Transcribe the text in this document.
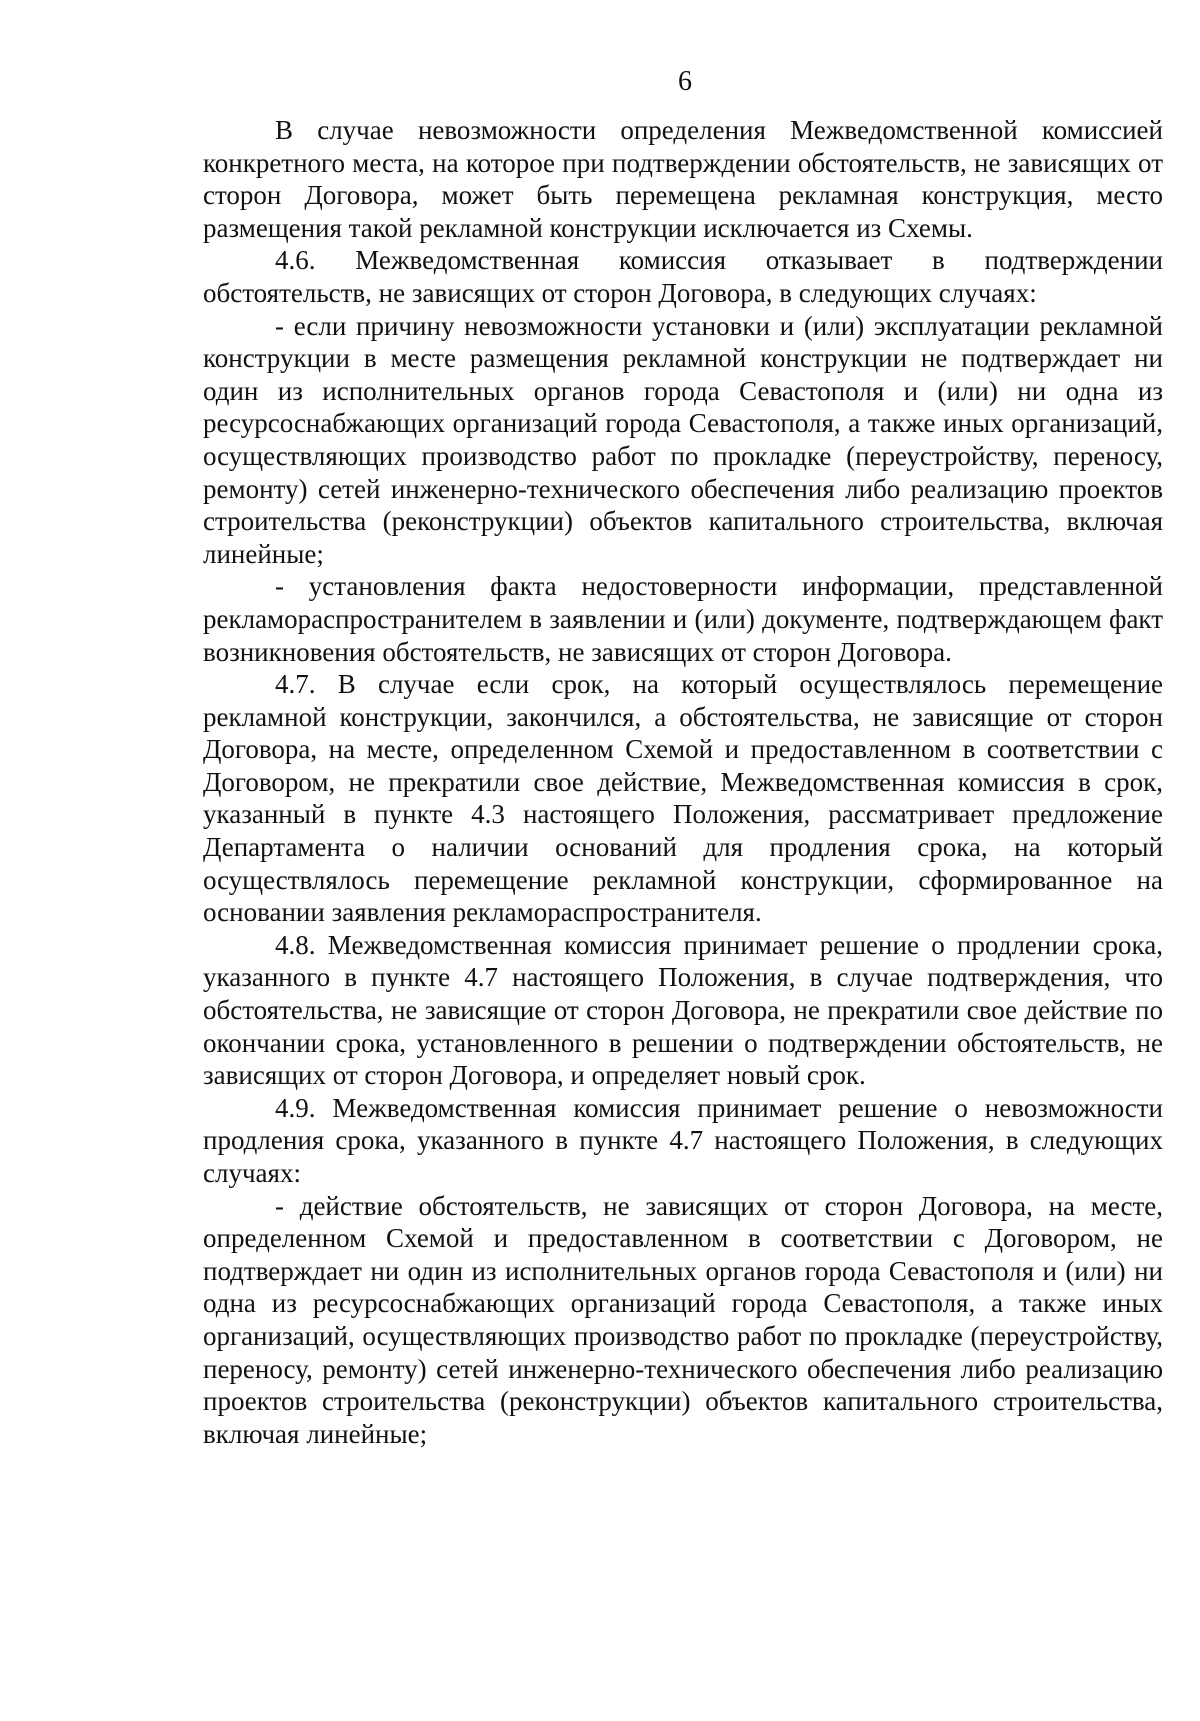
6

В случае невозможности определения Межведомственной комиссией конкретного места, на которое при подтверждении обстоятельств, не зависящих от сторон Договора, может быть перемещена рекламная конструкция, место размещения такой рекламной конструкции исключается из Схемы.

4.6. Межведомственная комиссия отказывает в подтверждении обстоятельств, не зависящих от сторон Договора, в следующих случаях:

- если причину невозможности установки и (или) эксплуатации рекламной конструкции в месте размещения рекламной конструкции не подтверждает ни один из исполнительных органов города Севастополя и (или) ни одна из ресурсоснабжающих организаций города Севастополя, а также иных организаций, осуществляющих производство работ по прокладке (переустройству, переносу, ремонту) сетей инженерно-технического обеспечения либо реализацию проектов строительства (реконструкции) объектов капитального строительства, включая линейные;

- установления факта недостоверности информации, представленной рекламораспространителем в заявлении и (или) документе, подтверждающем факт возникновения обстоятельств, не зависящих от сторон Договора.

4.7. В случае если срок, на который осуществлялось перемещение рекламной конструкции, закончился, а обстоятельства, не зависящие от сторон Договора, на месте, определенном Схемой и предоставленном в соответствии с Договором, не прекратили свое действие, Межведомственная комиссия в срок, указанный в пункте 4.3 настоящего Положения, рассматривает предложение Департамента о наличии оснований для продления срока, на который осуществлялось перемещение рекламной конструкции, сформированное на основании заявления рекламораспространителя.

4.8. Межведомственная комиссия принимает решение о продлении срока, указанного в пункте 4.7 настоящего Положения, в случае подтверждения, что обстоятельства, не зависящие от сторон Договора, не прекратили свое действие по окончании срока, установленного в решении о подтверждении обстоятельств, не зависящих от сторон Договора, и определяет новый срок.

4.9. Межведомственная комиссия принимает решение о невозможности продления срока, указанного в пункте 4.7 настоящего Положения, в следующих случаях:

- действие обстоятельств, не зависящих от сторон Договора, на месте, определенном Схемой и предоставленном в соответствии с Договором, не подтверждает ни один из исполнительных органов города Севастополя и (или) ни одна из ресурсоснабжающих организаций города Севастополя, а также иных организаций, осуществляющих производство работ по прокладке (переустройству, переносу, ремонту) сетей инженерно-технического обеспечения либо реализацию проектов строительства (реконструкции) объектов капитального строительства, включая линейные;
